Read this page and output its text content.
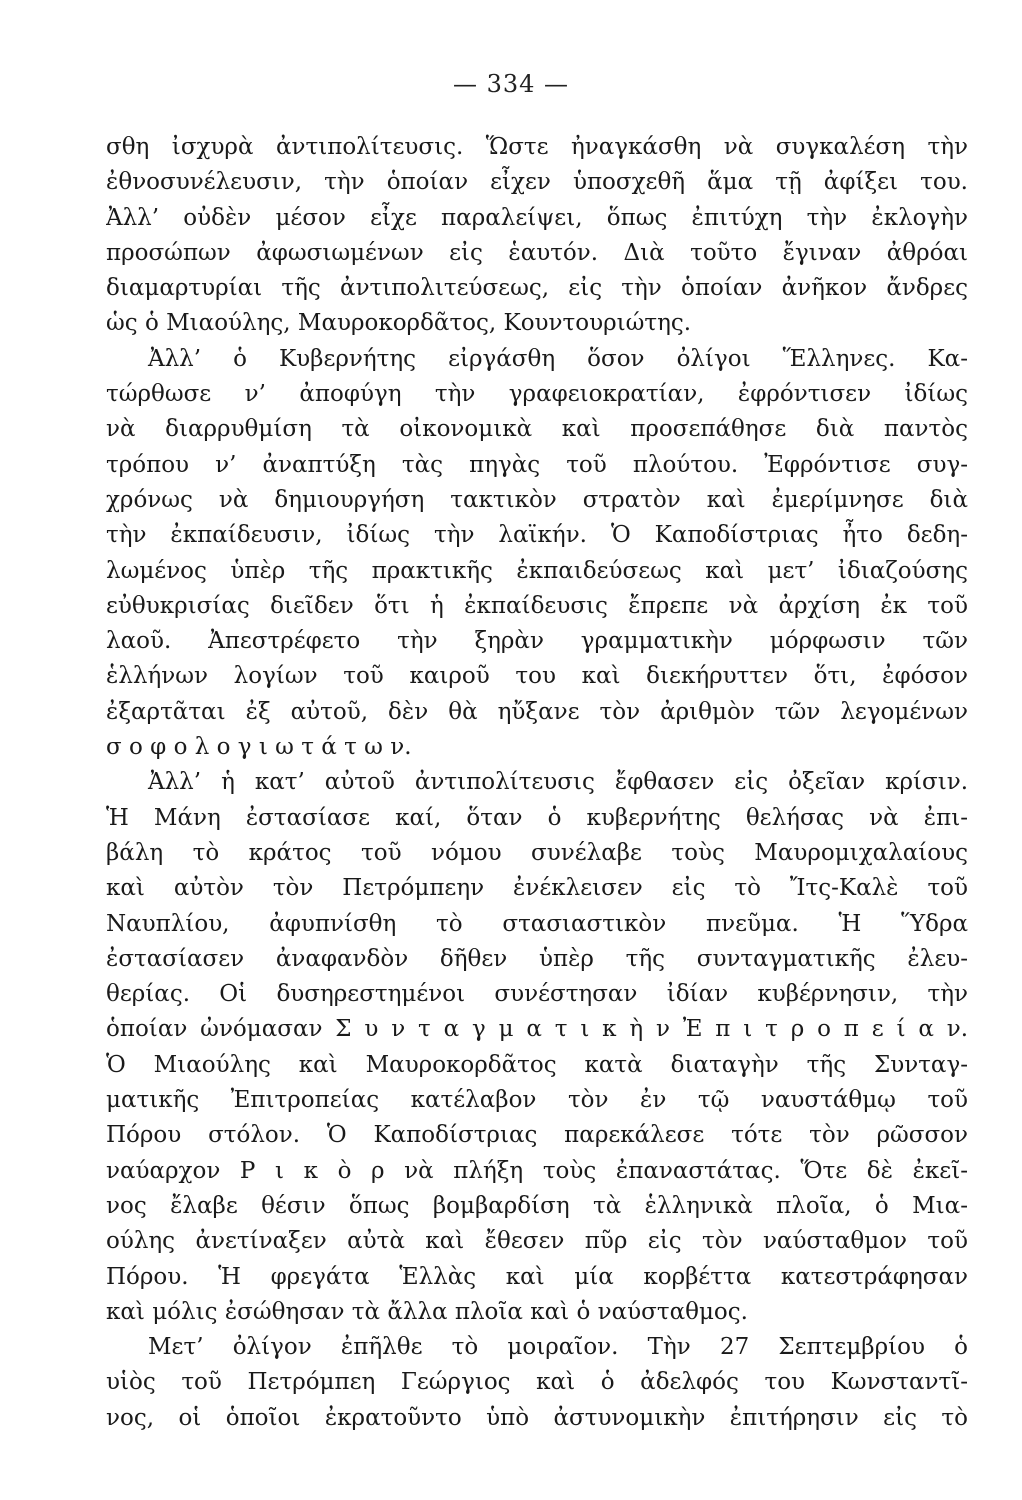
— 334 —
σθη ἰσχυρὰ ἀντιπολίτευσις. Ὥστε ἠναγκάσθη νὰ συγκαλέση τὴν
ἐθνοσυνέλευσιν, τὴν ὁποίαν εἶχεν ὑποσχεθῆ ἅμα τῇ ἀφίξει του.
Ἀλλ’ οὐδὲν μέσον εἶχε παραλείψει, ὅπως ἐπιτύχη τὴν ἐκλογὴν
προσώπων ἀφωσιωμένων εἰς ἑαυτόν. Διὰ τοῦτο ἔγιναν ἀθρόαι
διαμαρτυρίαι τῆς ἀντιπολιτεύσεως, εἰς τὴν ὁποίαν ἀνῆκον ἄνδρες
ὡς ὁ Μιαούλης, Μαυροκορδᾶτος, Κουντουριώτης.
Ἀλλ’ ὁ Κυβερνήτης εἰργάσθη ὅσον ὀλίγοι Ἕλληνες. Κα-
τώρθωσε ν’ ἀποφύγη τὴν γραφειοκρατίαν, ἐφρόντισεν ἰδίως
νὰ διαρρυθμίση τὰ οἰκονομικὰ καὶ προσεπάθησε διὰ παντὸς
τρόπου ν’ ἀναπτύξη τὰς πηγὰς τοῦ πλούτου. Ἐφρόντισε συγ-
χρόνως νὰ δημιουργήση τακτικὸν στρατὸν καὶ ἐμερίμνησε διὰ
τὴν ἐκπαίδευσιν, ἰδίως τὴν λαϊκήν. Ὁ Καποδίστριας ἦτο δεδη-
λωμένος ὑπὲρ τῆς πρακτικῆς ἐκπαιδεύσεως καὶ μετ’ ἰδιαζούσης
εὐθυκρισίας διεῖδεν ὅτι ἡ ἐκπαίδευσις ἔπρεπε νὰ ἀρχίση ἐκ τοῦ
λαοῦ. Ἀπεστρέφετο τὴν ξηρὰν γραμματικὴν μόρφωσιν τῶν
ἑλλήνων λογίων τοῦ καιροῦ του καὶ διεκήρυττεν ὅτι, ἐφόσον
ἐξαρτᾶται ἐξ αὐτοῦ, δὲν θὰ ηὔξανε τὸν ἀριθμὸν τῶν λεγομένων
σ ο φ ο λ ο γ ι ω τ ά τ ω ν.
Ἀλλ’ ἡ κατ’ αὐτοῦ ἀντιπολίτευσις ἔφθασεν εἰς ὀξεῖαν κρίσιν.
Ἡ Μάνη ἐστασίασε καί, ὅταν ὁ κυβερνήτης θελήσας νὰ ἐπι-
βάλη τὸ κράτος τοῦ νόμου συνέλαβε τοὺς Μαυρομιχαλαίους
καὶ αὐτὸν τὸν Πετρόμπεην ἐνέκλεισεν εἰς τὸ Ἴτς-Καλὲ τοῦ
Ναυπλίου, ἀφυπνίσθη τὸ στασιαστικὸν πνεῦμα. Ἡ Ὕδρα
ἐστασίασεν ἀναφανδὸν δῆθεν ὑπὲρ τῆς συνταγματικῆς ἐλευ-
θερίας. Οἱ δυσηρεστημένοι συνέστησαν ἰδίαν κυβέρνησιν, τὴν
ὁποίαν ὠνόμασαν Σ υ ν τ α γ μ α τ ι κ ὴ ν Ἐ π ι τ ρ ο π ε ί α ν.
Ὁ Μιαούλης καὶ Μαυροκορδᾶτος κατὰ διαταγὴν τῆς Συνταγ-
ματικῆς Ἐπιτροπείας κατέλαβον τὸν ἐν τῷ ναυστάθμῳ τοῦ
Πόρου στόλον. Ὁ Καποδίστριας παρεκάλεσε τότε τὸν ρῶσσον
ναύαρχον Ρ ι κ ὸ ρ νὰ πλήξη τοὺς ἐπαναστάτας. Ὅτε δὲ ἐκεῖ-
νος ἔλαβε θέσιν ὅπως βομβαρδίση τὰ ἑλληνικὰ πλοῖα, ὁ Μια-
ούλης ἀνετίναξεν αὐτὰ καὶ ἔθεσεν πῦρ εἰς τὸν ναύσταθμον τοῦ
Πόρου. Ἡ φρεγάτα Ἑλλὰς καὶ μία κορβέττα κατεστράφησαν
καὶ μόλις ἐσώθησαν τὰ ἄλλα πλοῖα καὶ ὁ ναύσταθμος.
Μετ’ ὀλίγον ἐπῆλθε τὸ μοιραῖον. Τὴν 27 Σεπτεμβρίου ὁ
υἱὸς τοῦ Πετρόμπεη Γεώργιος καὶ ὁ ἀδελφός του Κωνσταντῖ-
νος, οἱ ὁποῖοι ἐκρατοῦντο ὑπὸ ἀστυνομικὴν ἐπιτήρησιν εἰς τὸ
